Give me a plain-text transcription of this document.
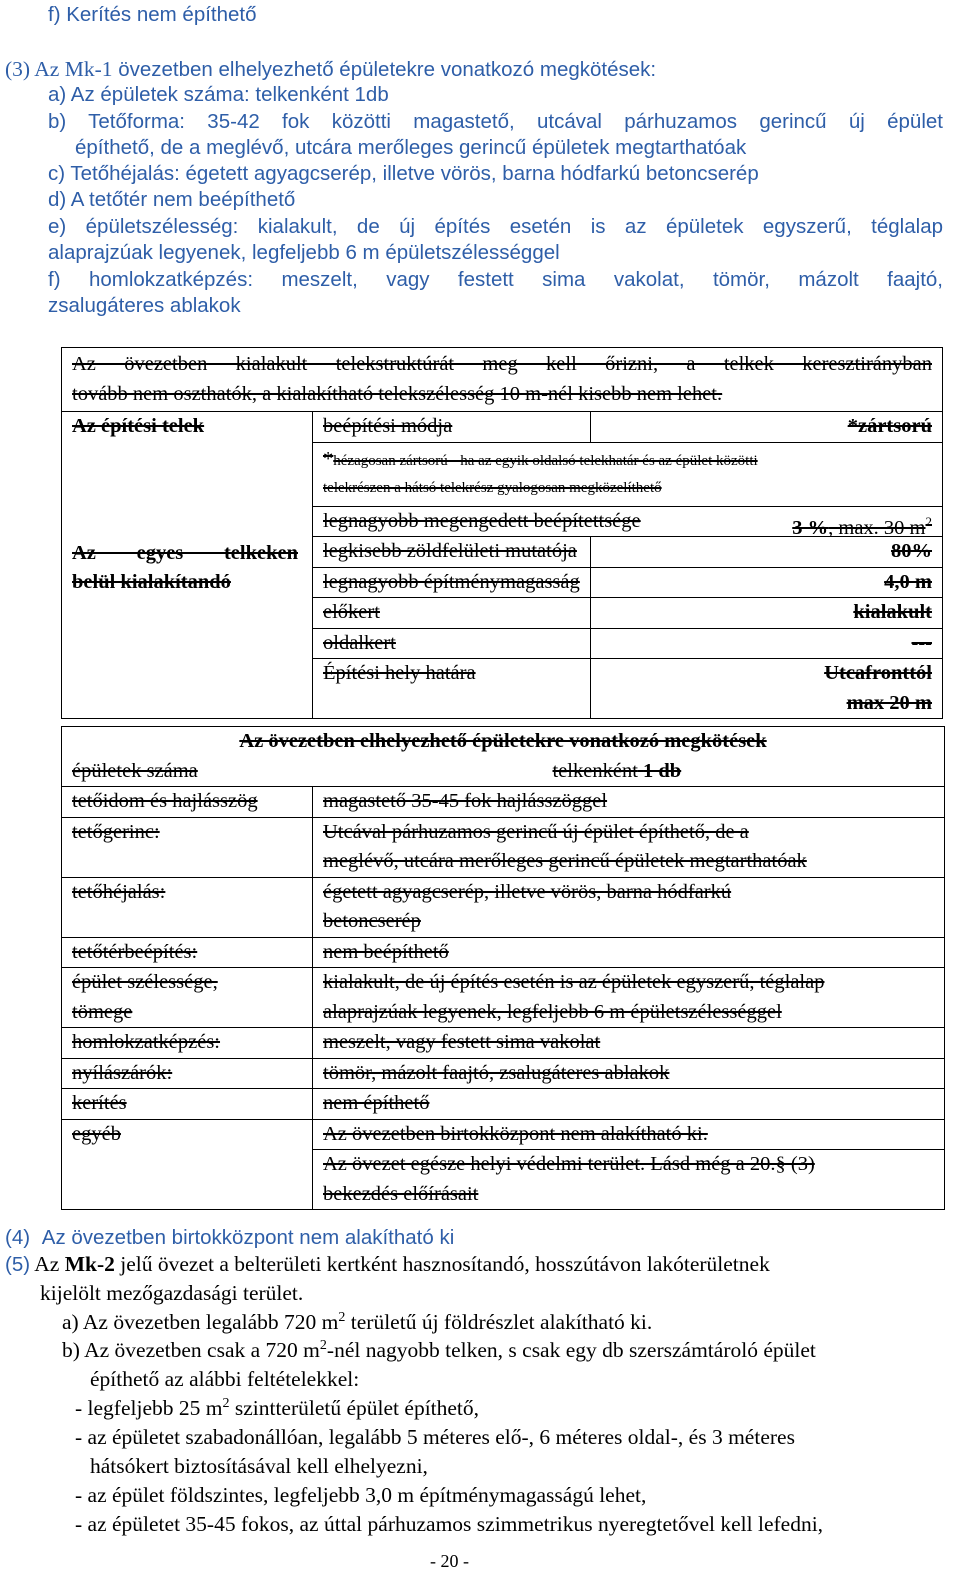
f) Kerítés nem építhető
(3) Az Mk-1 övezetben elhelyezhető épületekre vonatkozó megkötések:
a) Az épületek száma: telkenként 1db
b) Tetőforma: 35-42 fok közötti magastető, utcával párhuzamos gerincű új épület
építhető, de a meglévő, utcára merőleges gerincű épületek megtarthatóak
c) Tetőhéjalás: égetett agyagcserép, illetve vörös, barna hódfarkú betoncserép
d) A tetőtér nem beépíthető
e) épületszélesség: kialakult, de új építés esetén is az épületek egyszerű, téglalap
alaprajzúak legyenek, legfeljebb 6 m épületszélességgel
f) homlokzatképzés: meszelt, vagy festett sima vakolat, tömör, mázolt faajtó,
zsalugáteres ablakok
Az övezetben kialakult telekstruktúrát meg kell őrizni, a telkek keresztirányban
tovább nem oszthatók, a kialakítható telekszélesség 10 m-nél kisebb nem lehet.		

Az építési telek	beépítési módja	*zártsorú

	*hézagosan zártsorú - ha az egyik oldalsó telekhatár és az épület közötti
telekrészen a hátsó telekrész gyalogosan megközelíthető	

	legnagyobb megengedett beépítettsége 3 %, max. 30 $m^2$

	legkisebb zöldfelületi mutatója	80%

	legnagyobb építménymagasság	4,0 m

Az egyes telkeken
belül kialakítandó	előkert	kialakult

	oldalkert	---

	Építési hely határa	Utcafronttól
max 20 m
Az övezetben elhelyezhető épületekre vonatkozó megkötések	

épületek száma	telkenként 1 db

tetőidom és hajlásszög	magastető 35-45 fok hajlásszöggel

tetőgerinc:	Utcával párhuzamos gerincű új épület építhető, de a
meglévő, utcára merőleges gerincű épületek megtarthatóak

tetőhéjalás:	égetett agyagcserép, illetve vörös, barna hódfarkú
betoncserép

tetőtérbeépítés:	nem beépíthető

épület szélessége,
tömege	kialakult, de új építés esetén is az épületek egyszerű, téglalap
alaprajzúak legyenek, legfeljebb 6 m épületszélességgel

homlokzatképzés:	meszelt, vagy festett sima vakolat

nyílászárók:	tömör, mázolt faajtó, zsalugáteres ablakok

kerítés	nem építhető

egyéb	Az övezetben birtokközpont nem alakítható ki.

	Az övezet egésze helyi védelmi terület. Lásd még a 20.§ (3)
bekezdés előírásait
(4) Az övezetben birtokközpont nem alakítható ki
(5) Az Mk-2 jelű övezet a belterületi kertként hasznosítandó, hosszútávon lakóterületnek
kijelölt mezőgazdasági terület.
a) Az övezetben legalább 720 $m^2$ területű új földrészlet alakítható ki.
b) Az övezetben csak a 720 $m^2$-nél nagyobb telken, s csak egy db szerszámtároló épület
építhető az alábbi feltételekkel:
- legfeljebb 25 $m^2$ szintterületű épület építhető,
- az épületet szabadonállóan, legalább 5 méteres elő-, 6 méteres oldal-, és 3 méteres
hátsókert biztosításával kell elhelyezni,
- az épület földszintes, legfeljebb 3,0 m építménymagasságú lehet,
- az épületet 35-45 fokos, az úttal párhuzamos szimmetrikus nyeregtetővel kell lefedni,
- 20 -
